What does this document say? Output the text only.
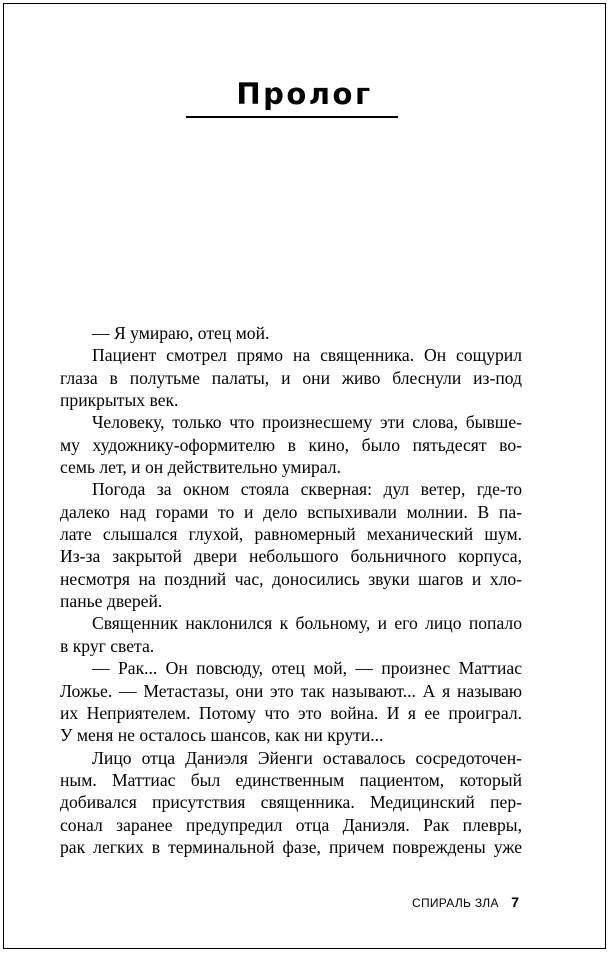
Пролог
— Я умираю, отец мой.
Пациент смотрел прямо на священника. Он сощурил
глаза в полутьме палаты, и они живо блеснули из-под
прикрытых век.
Человеку, только что произнесшему эти слова, бывше-
му художнику-оформителю в кино, было пятьдесят во-
семь лет, и он действительно умирал.
Погода за окном стояла скверная: дул ветер, где-то
далеко над горами то и дело вспыхивали молнии. В па-
лате слышался глухой, равномерный механический шум.
Из-за закрытой двери небольшого больничного корпуса,
несмотря на поздний час, доносились звуки шагов и хло-
панье дверей.
Священник наклонился к больному, и его лицо попало
в круг света.
— Рак... Он повсюду, отец мой, — произнес Маттиас
Ложье. — Метастазы, они это так называют... А я называю
их Неприятелем. Потому что это война. И я ее проиграл.
У меня не осталось шансов, как ни крути...
Лицо отца Даниэля Эйенги оставалось сосредоточен-
ным. Маттиас был единственным пациентом, который
добивался присутствия священника. Медицинский пер-
сонал заранее предупредил отца Даниэля. Рак плевры,
рак легких в терминальной фазе, причем повреждены уже
СПИРАЛЬ ЗЛА 7
